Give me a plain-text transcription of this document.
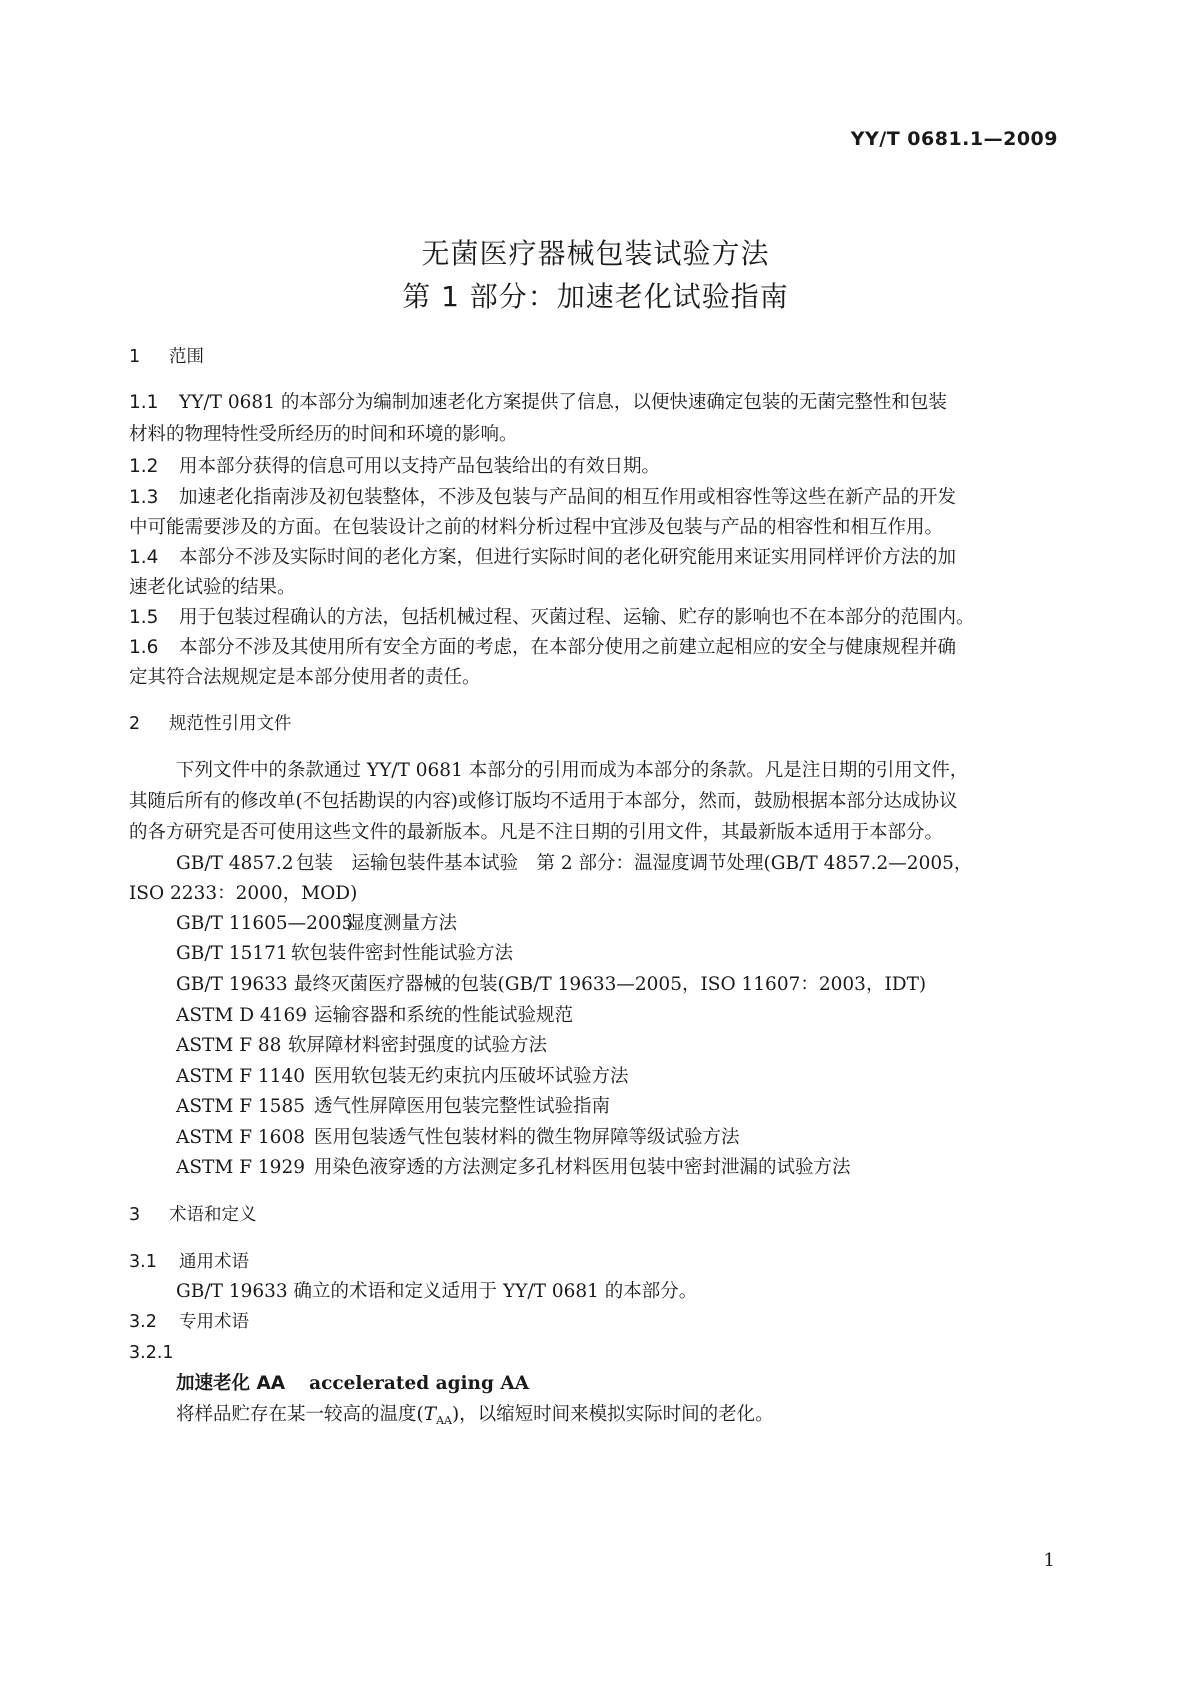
YY/T 0681.1—2009
无菌医疗器械包装试验方法
第 1 部分：加速老化试验指南
1 范围
1.1 YY/T 0681 的本部分为编制加速老化方案提供了信息，以便快速确定包装的无菌完整性和包装
材料的物理特性受所经历的时间和环境的影响。
1.2 用本部分获得的信息可用以支持产品包装给出的有效日期。
1.3 加速老化指南涉及初包装整体，不涉及包装与产品间的相互作用或相容性等这些在新产品的开发
中可能需要涉及的方面。在包装设计之前的材料分析过程中宜涉及包装与产品的相容性和相互作用。
1.4 本部分不涉及实际时间的老化方案，但进行实际时间的老化研究能用来证实用同样评价方法的加
速老化试验的结果。
1.5 用于包装过程确认的方法，包括机械过程、灭菌过程、运输、贮存的影响也不在本部分的范围内。
1.6 本部分不涉及其使用所有安全方面的考虑，在本部分使用之前建立起相应的安全与健康规程并确
定其符合法规规定是本部分使用者的责任。
2 规范性引用文件
下列文件中的条款通过 YY/T 0681 本部分的引用而成为本部分的条款。凡是注日期的引用文件，
其随后所有的修改单(不包括勘误的内容)或修订版均不适用于本部分，然而，鼓励根据本部分达成协议
的各方研究是否可使用这些文件的最新版本。凡是不注日期的引用文件，其最新版本适用于本部分。
GB/T 4857.2 包装　运输包装件基本试验　第 2 部分：温湿度调节处理(GB/T 4857.2—2005，
ISO 2233：2000，MOD)
GB/T 11605—2005湿度测量方法
GB/T 15171 软包装件密封性能试验方法
GB/T 19633 最终灭菌医疗器械的包装(GB/T 19633—2005，ISO 11607：2003，IDT)
ASTM D 4169 运输容器和系统的性能试验规范
ASTM F 88 软屏障材料密封强度的试验方法
ASTM F 1140 医用软包装无约束抗内压破坏试验方法
ASTM F 1585 透气性屏障医用包装完整性试验指南
ASTM F 1608 医用包装透气性包装材料的微生物屏障等级试验方法
ASTM F 1929 用染色液穿透的方法测定多孔材料医用包装中密封泄漏的试验方法
3 术语和定义
3.1 通用术语
GB/T 19633 确立的术语和定义适用于 YY/T 0681 的本部分。
3.2 专用术语
3.2.1
加速老化 AA accelerated aging AA
将样品贮存在某一较高的温度$(T_{AA})$，以缩短时间来模拟实际时间的老化。
1
